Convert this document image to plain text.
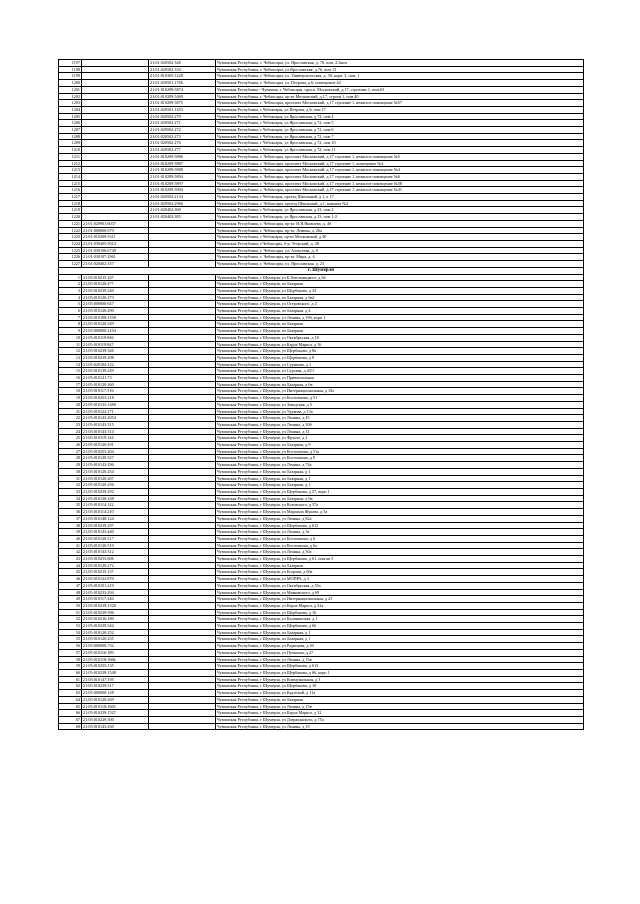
1197		21:01:020502:346	Чувашская Республика, г. Чебоксары, ул. Ярославская, д. 76, пом. 2,3ком
1198		21:01:020502:334	Чувашская Республика, г. Чебоксары, ул.Ярославская, д.76, пом 13
1199		21:01:010305:1228	Чувашская Республика, г. Чебоксары, ул. Университетская, д. 38, корп. 3, пом. 1
1200		21:01:020501:1766	Чувашская Республика, г. Чебоксары, ул. Петрова, д.6, помещение 44
1201		21:01:010209:5874	Чувашская Республика - Чувашия, г. Чебоксары, просп. Московский, д.17, строение 1, пом.63
1202		21:01:010209:5469	Чувашская Республика, г. Чебоксары, пр-кт Московский, д.17, строен 1, пом 40
1203		21:01:010209:5875	Чувашская Республика, г. Чебоксары, проспект Московский, д.17 строение 1, нежилое помещение №57
1204		21:01:020501:1453	Чувашская Республика, г Чебоксары, ул Петрова, д 6, пом 17
1205		21:01:020502:270	Чувашская Республика, г Чебоксары, ул Ярославская, д 72, пом 4
1206		21:01:020502:271	Чувашская Республика, г Чебоксары, ул Ярославская, д 72, пом 5
1207		21:01:020502:272	Чувашская Республика, г Чебоксары, ул Ярославская, д 72, пом 6
1208		21:01:020502:273	Чувашская Республика, г Чебоксары, ул Ярославская, д 72, пом 7
1209		21:01:020502:276	Чувашская Республика, г Чебоксары, ул Ярославская, д 72, пом 10
1210		21:01:020502:277	Чувашская Республика, г Чебоксары, ул Ярославская, д 72, пом 11
1211		21:01:010209:5886	Чувашская Республика, г. Чебоксары, проспект Московский, д.17 строение 1, нежилое помещение №5
1212		21:01:010209:5887	Чувашская Республика, г. Чебоксары, проспект Московский, д.17 строение 1, помещение №2
1213		21:01:010209:5888	Чувашская Республика, г. Чебоксары, проспект Московский, д.17 строение 1, нежилое помещение №4
1214		21:01:010209:5894	Чувашская Республика, г. Чебоксары, проспект Московский, д.17 строение 1, нежилое помещение №6
1215		21:01:010209:5897	Чувашская Республика, г. Чебоксары, проспект Московский, д.17 строение 1, нежилое помещение №38
1216		21:01:010209:5904	Чувашская Республика, г. Чебоксары, проспект Московский, д.17 строение 1, нежилое помещение №41
1217		21:01:020502:2134	Чувашская Республика, г Чебоксары, проезд Школьный, д 1, к 17
1218		21:01:020502:2966	Чувашская Республика, г. Чебоксары, проезд Школьный, д.1, комната №2
1219		21:01:020402:360	Чувашская Республика, г Чебоксары, ул Ярославская, д 23, пом 2
1220		21:01:020402:385	Чувашская Республика, г Чебоксары, ул Ярославская, д 23, пом 1-2
1221	21:01:020901:6037		Чувашская Республика, г. Чебоксары, пр-кт. И.Я.Яковлева, д. 4б
1222	21:01:000000:679		Чувашская Республика, г. Чебоксары, пр-кт. Ленина, д. 26а
1223	21:01:010209:5311		Чувашская Республика, г Чебоксары, пр-кт Московский, д 40
1224	21:01:030405:5014		Чувашская Республика, г.Чебоксары, б-р. Эгерский, д. 28
1225	21:01:030106:6749		Чувашская Республика, г. Чебоксары, ул. Алексеева, д. 8
1226	21:01:030107:2961		Чувашская Республика, г. Чебоксары, пр-кт. Мира, д. 4
1227	21:01:020402:357		Чувашская Республика, г. Чебоксары, ул. Ярославская, д. 23
г. Шумерля			
1	21:05:010215:167		Чувашская Республика, г Шумерля, ул Б.Хмельницкого, д 64
2	21:05:010120:477		Чувашская Республика, г Шумерля, пл Базарная
3	21:05:010239:240		Чувашская Республика, г Шумерля, ул Щербакова, д 34
4	21:05:010120:273		Чувашская Республика, г Шумерля, пл Базарная, д 6в2
5	21:05:000000:647		Чувашская Республика, г Шумерля, ул Островского, д 2
6	21:05:010120:490		Чувашская Республика, г Шумерля, пл Базарная, д 4
7	21:05:010108:1558		Чувашская Республика, г Шумерля, ул Ленина, д 19б, корп 1
8	21:05:010120:349		Чувашская Республика, г Шумерля, пл Базарная
9	21:05:000000:2104		Чувашская Республика, г Шумерля, пл Базарная
10	21:05:010119:846		Чувашская Республика, г Шумерля, ул Октябрьская, д 18
11	21:05:010119:847		Чувашская Республика, г Шумерля, ул Карла Маркса, д 16
12	21:05:010239:346		Чувашская Республика, г Шумерля, ул Щербакова, д 8а
13	21:05:010239:298		Чувашская Республика, г Шумерля, ул Щербакова, д 8
14	21:05:020104:122		Чувашская Республика, г Шумерля, ул Сурикова, д 1
15	21:05:010139:249		Чувашская Республика, г Шумерля, ул Сурская, д 45/1
16	21:05:010121:73		Чувашская Республика, г Шумерля, ул Привокзальная
17	21:05:010120:260		Чувашская Республика, г Шумерля, пл Базарная, д 6в
18	21:05:010117:516		Чувашская Республика, г Шумерля, ул Интернациональная, д 10а
19	21:05:010253:218		Чувашская Республика, г Шумерля, ул Косточкина, д 51
20	21:05:010135:1480		Чувашская Республика, г Шумерля, ул Заводская, д 5
21	21:05:010122:171		Чувашская Республика, г Шумерля, ул Урукова, д 13а
22	21:05:010143:2054		Чувашская Республика, г Шумерля, ул Ленина, д 45
23	21:05:010143:315		Чувашская Республика, г Шумерля, ул Ленина, д 30б
24	21:05:010143:314		Чувашская Республика, г Шумерля, ул Ленина, д 31
25	21:05:010119:144		Чувашская Республика, г Шумерля, ул Фрунзе, д 2
26	21:05:010120:491		Чувашская Республика, г Шумерля, пл Базарная, д 9
27	21:05:010253:204		Чувашская Республика, г Шумерля, ул Косточкина, д 51а
28	21:05:010120:527		Чувашская Республика, г Шумерля, ул Косточкина, д 8
29	21:05:010143:296		Чувашская Республика, г Шумерля, ул Ленина, д 74а
30	21:05:010120:254		Чувашская Республика, г Шумерля, пл Базарная, д 1
31	21:05:010120:267		Чувашская Республика, г Шумерля, пл Базарная, д 1
32	21:05:010120:256		Чувашская Республика, г Шумерля, пл Базарная, д 1
33	21:05:010239:292		Чувашская Республика, г Шумерля, ул Щербакова, д 57, корп 1
34	21:05:010120:258		Чувашская Республика, г Шумерля, пл Базарная, д 6в
35	21:05:010114:122		Чувашская Республика, г Шумерля, ул Котовского, д 57а
36	21:05:010114:210		Чувашская Республика, г Шумерля, ул Маршала Жукова, д 3а
37	21:05:010148:124		Чувашская Республика, г Шумерля, ул Ленина, д 82а
38	21:05:010239:297		Чувашская Республика, г Шумерля, ул Щербакова, д 612
39	21:05:010143:440		Чувашская Республика, г Шумерля, ул Ленина, д 3а
40	21:05:010120:517		Чувашская Республика, г Шумерля, ул Косточкина, д 6
41	21:05:010120:519		Чувашская Республика, г Шумерля, ул Косточкина, д 6а
42	21:05:010143:312		Чувашская Республика, г Шумерля, ул Ленина, д 30а
43	21:05:010255:606		Чувашская Республика, г Шумерля, ул Щербакова, д 61, пом.кв 5
44	21:05:010120:272		Чувашская Республика, г Шумерля, пл Базарная
45	21:05:010215:137		Чувашская Республика, г Шумерля, ул Егорова, д 66а
46	21:05:010122:870		Чувашская Республика, г Шумерля, ул МОПРА, д 3
47	21:05:010101:219		Чувашская Республика, г Шумерля, ул Октябрьская, д 55а
48	21:05:010233:294		Чувашская Республика, г Шумерля, ул Маяковского, д 69
49	21:05:010117:246		Чувашская Республика, г Шумерля, ул Интернациональная, д 23
50	21:05:010239:1528		Чувашская Республика, г Шумерля, ул Карла Маркса, д 32а
51	21:05:010239:596		Чувашская Республика, г Шумерля, ул Щербакова, д 16
52	21:05:010216:180		Чувашская Республика, г Шумерля, ул Калининская, д 1
53	21:05:010239:344		Чувашская Республика, г Шумерля, ул Щербакова, д 66
54	21:05:010120:252		Чувашская Республика, г Шумерля, пл Базарная, д 1
55	21:05:010120:255		Чувашская Республика, г Шумерля, пл Базарная, д 1
56	21:05:000000:732		Чувашская Республика, г Шумерля, ул Радищева, д 30
57	21:05:010116:189		Чувашская Республика, г Шумерля, ул Пушкина, д 27
58	21:05:010118:1666		Чувашская Республика, г Шумерля, ул Ленина, д 15в
59	21:05:010255:135		Чувашская Республика, г Шумерля, ул Щербакова, д 613
60	21:05:010239:1548		Чувашская Республика, г Шумерля, ул Щербакова, д 66, корп 1
61	21:05:010147:195		Чувашская Республика, г Шумерля, ул Коммунальная, д 3
62	21:05:010239:317		Чувашская Республика, г Шумерля, ул Щербакова, д 10
63	21:05:000000:128		Чувашская Республика, г Шумерля, ул Крупской, д 11а
64	21:05:010120:269		Чувашская Республика, г Шумерля, пл Базарная
65	21:05:010118:1665		Чувашская Республика, г Шумерля, ул Ленина, д 15в
66	21:05:010239:1527		Чувашская Республика, г Шумерля, ул Карла Маркса, д 32
67	21:05:010229:300		Чувашская Республика, г Шумерля, ул Дзержинского, д 75а
68	21:05:010143:430		Чувашская Республика, г Шумерля, ул Ленина, д 19
